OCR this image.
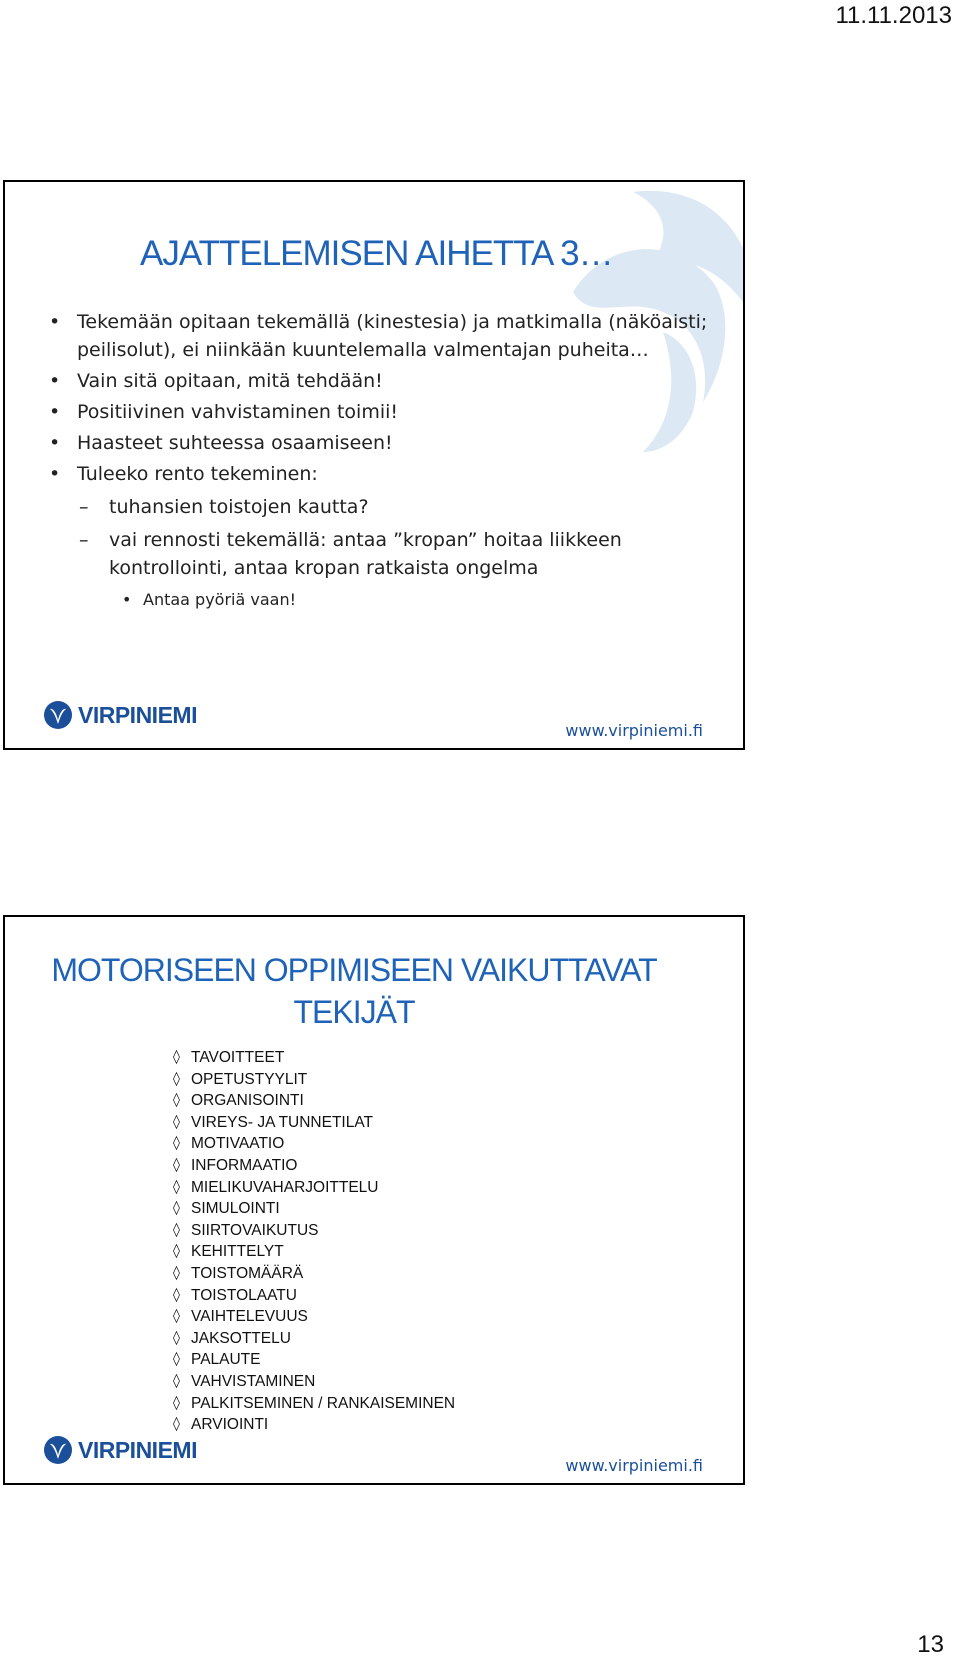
11.11.2013
AJATTELEMISEN AIHETTA 3…
• Tekemään opitaan tekemällä (kinestesia) ja matkimalla (näköaisti; peilisolut), ei niinkään kuuntelemalla valmentajan puheita…
• Vain sitä opitaan, mitä tehdään!
• Positiivinen vahvistaminen toimii!
• Haasteet suhteessa osaamiseen!
• Tuleeko rento tekeminen:
– tuhansien toistojen kautta?
– vai rennosti tekemällä: antaa ”kropan” hoitaa liikkeen kontrollointi, antaa kropan ratkaista ongelma
• Antaa pyöriä vaan!
VIRPINIEMI
www.virpiniemi.fi
MOTORISEEN OPPIMISEEN VAIKUTTAVAT
TEKIJÄT
◊ TAVOITTEET
◊ OPETUSTYYLIT
◊ ORGANISOINTI
◊ VIREYS- JA TUNNETILAT
◊ MOTIVAATIO
◊ INFORMAATIO
◊ MIELIKUVAHARJOITTELU
◊ SIMULOINTI
◊ SIIRTOVAIKUTUS
◊ KEHITTELYT
◊ TOISTOMÄÄRÄ
◊ TOISTOLAATU
◊ VAIHTELEVUUS
◊ JAKSOTTELU
◊ PALAUTE
◊ VAHVISTAMINEN
◊ PALKITSEMINEN / RANKAISEMINEN
◊ ARVIOINTI
VIRPINIEMI
www.virpiniemi.fi
13
